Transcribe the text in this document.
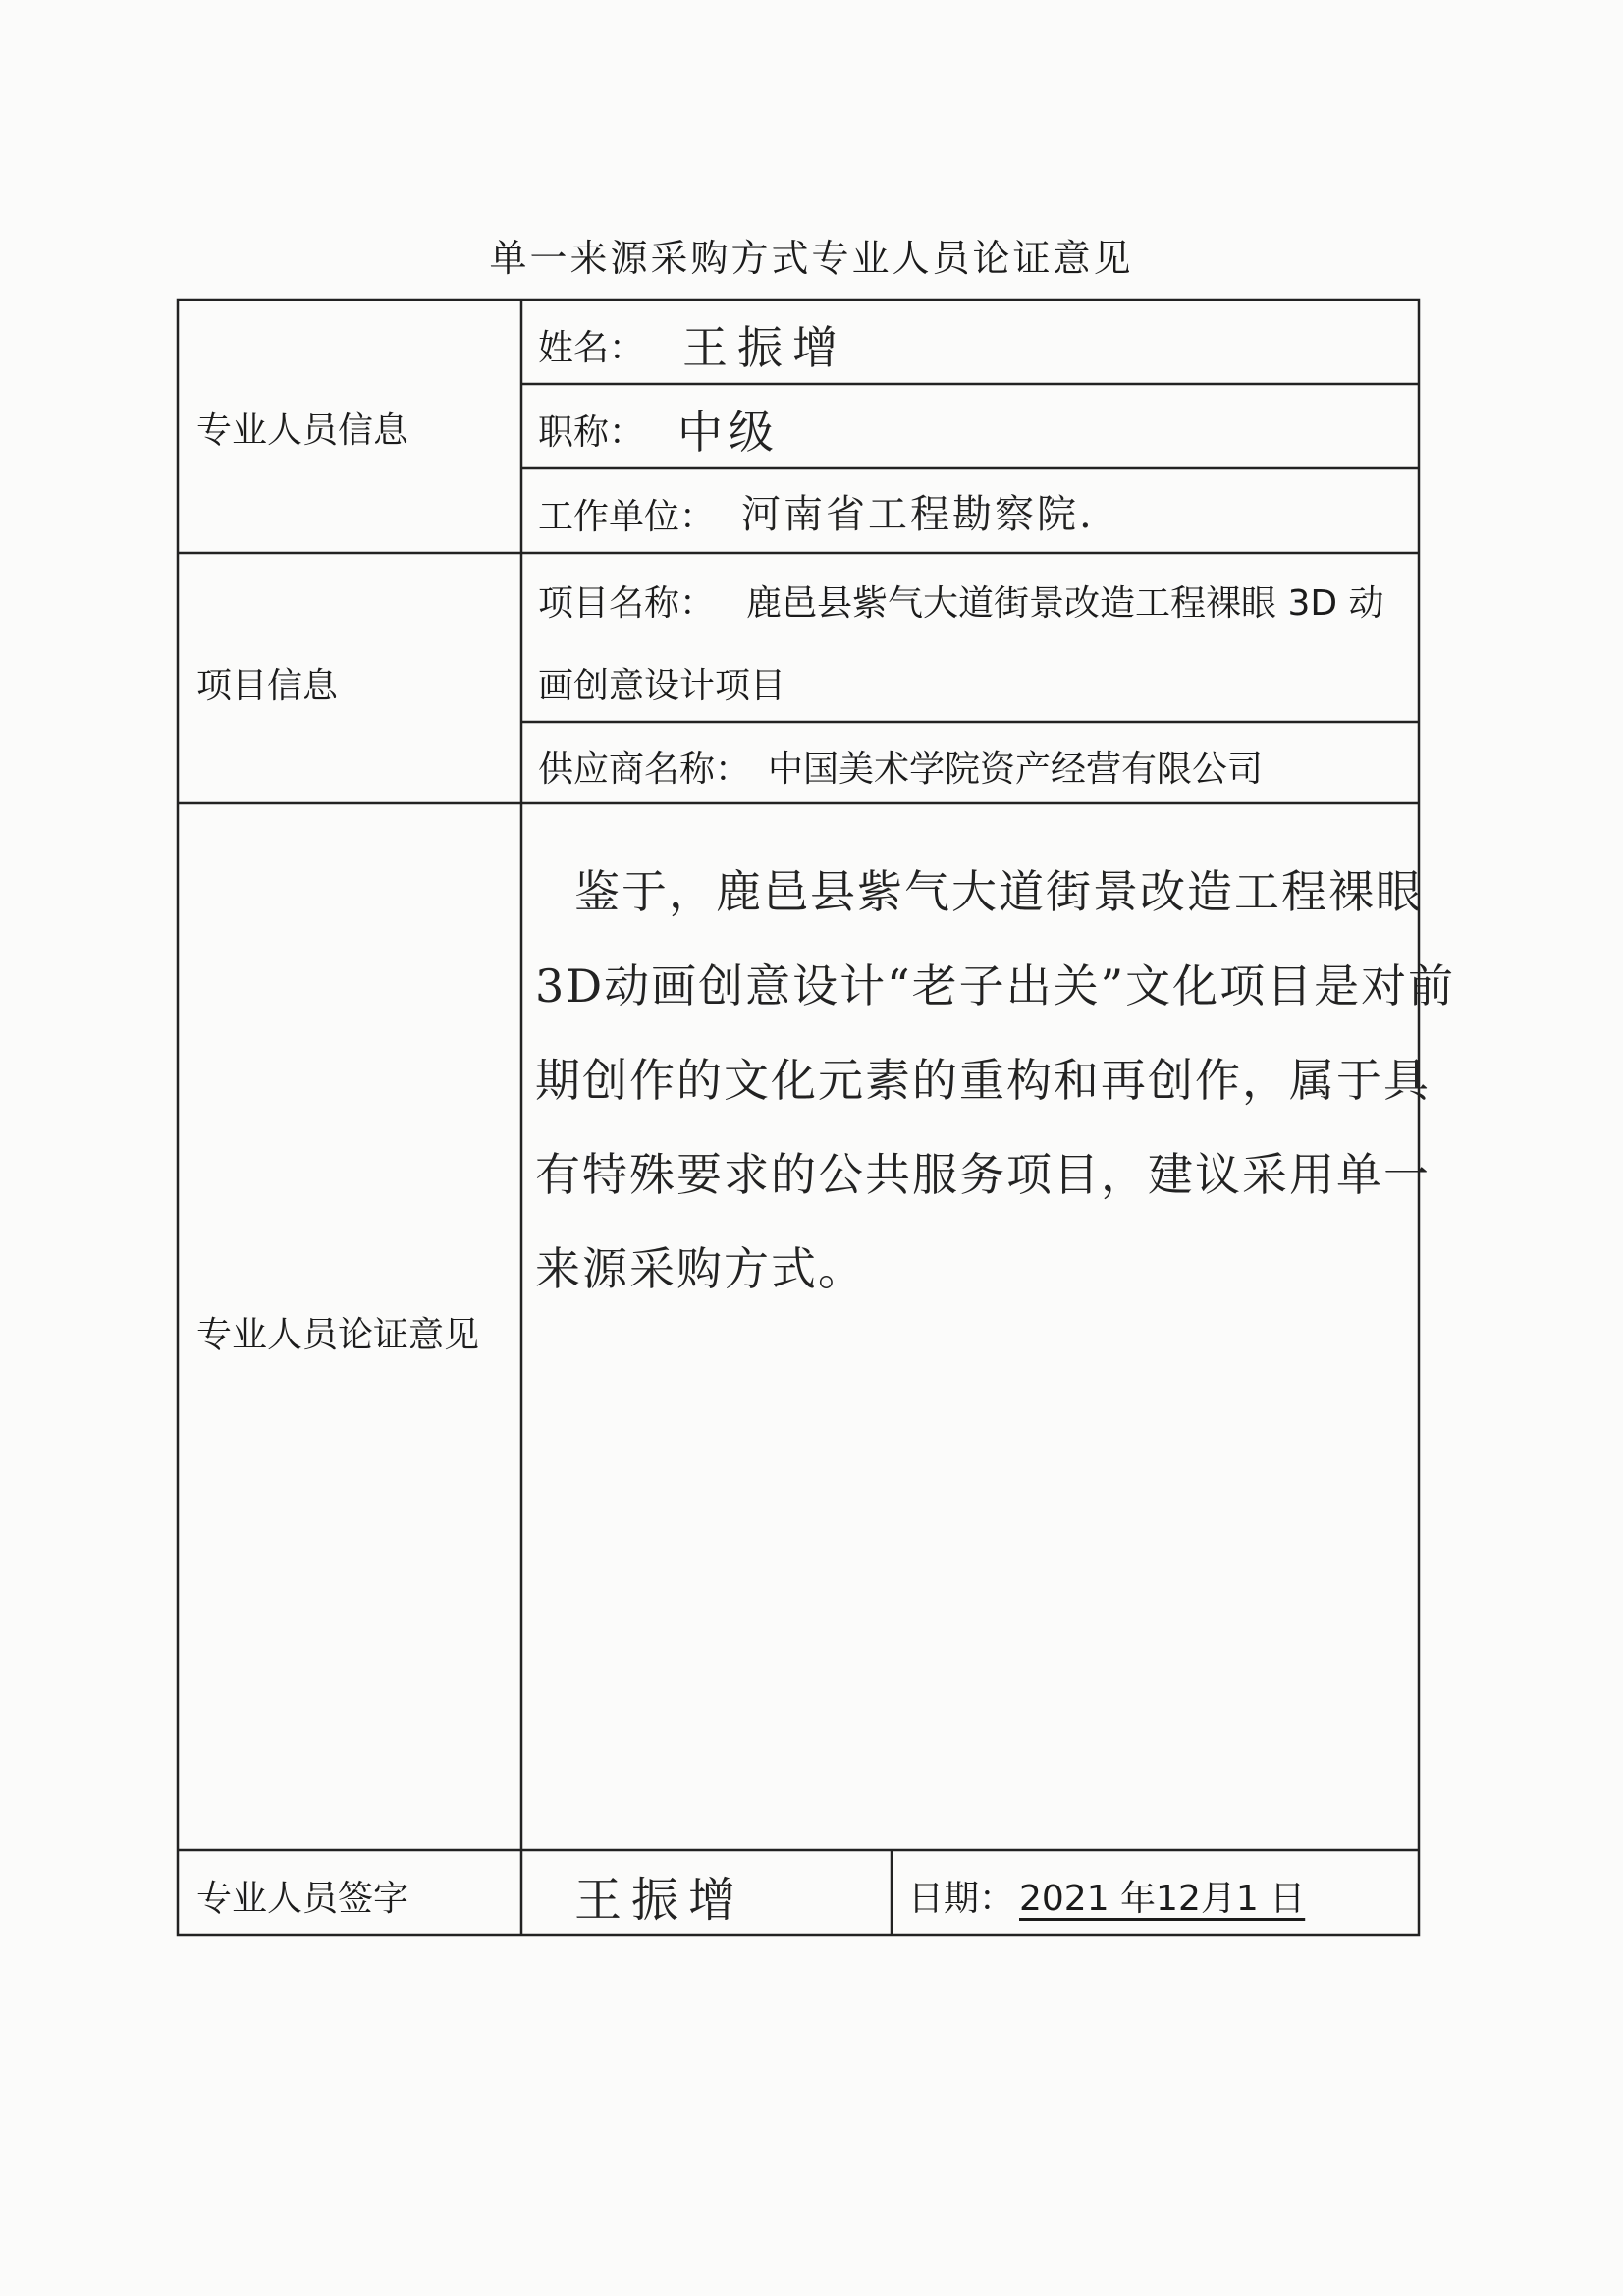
单一来源采购方式专业人员论证意见
专业人员信息
项目信息
专业人员论证意见
专业人员签字
姓名： 王振增
职称： 中级
工作单位： 河南省工程勘察院.
项目名称： 鹿邑县紫气大道街景改造工程裸眼 3D 动
画创意设计项目
供应商名称： 中国美术学院资产经营有限公司
鉴于，鹿邑县紫气大道街景改造工程裸眼
3D动画创意设计“老子出关”文化项目是对前
期创作的文化元素的重构和再创作，属于具
有特殊要求的公共服务项目，建议采用单一
来源采购方式。
王振增	日期： 2021 年12月1 日
